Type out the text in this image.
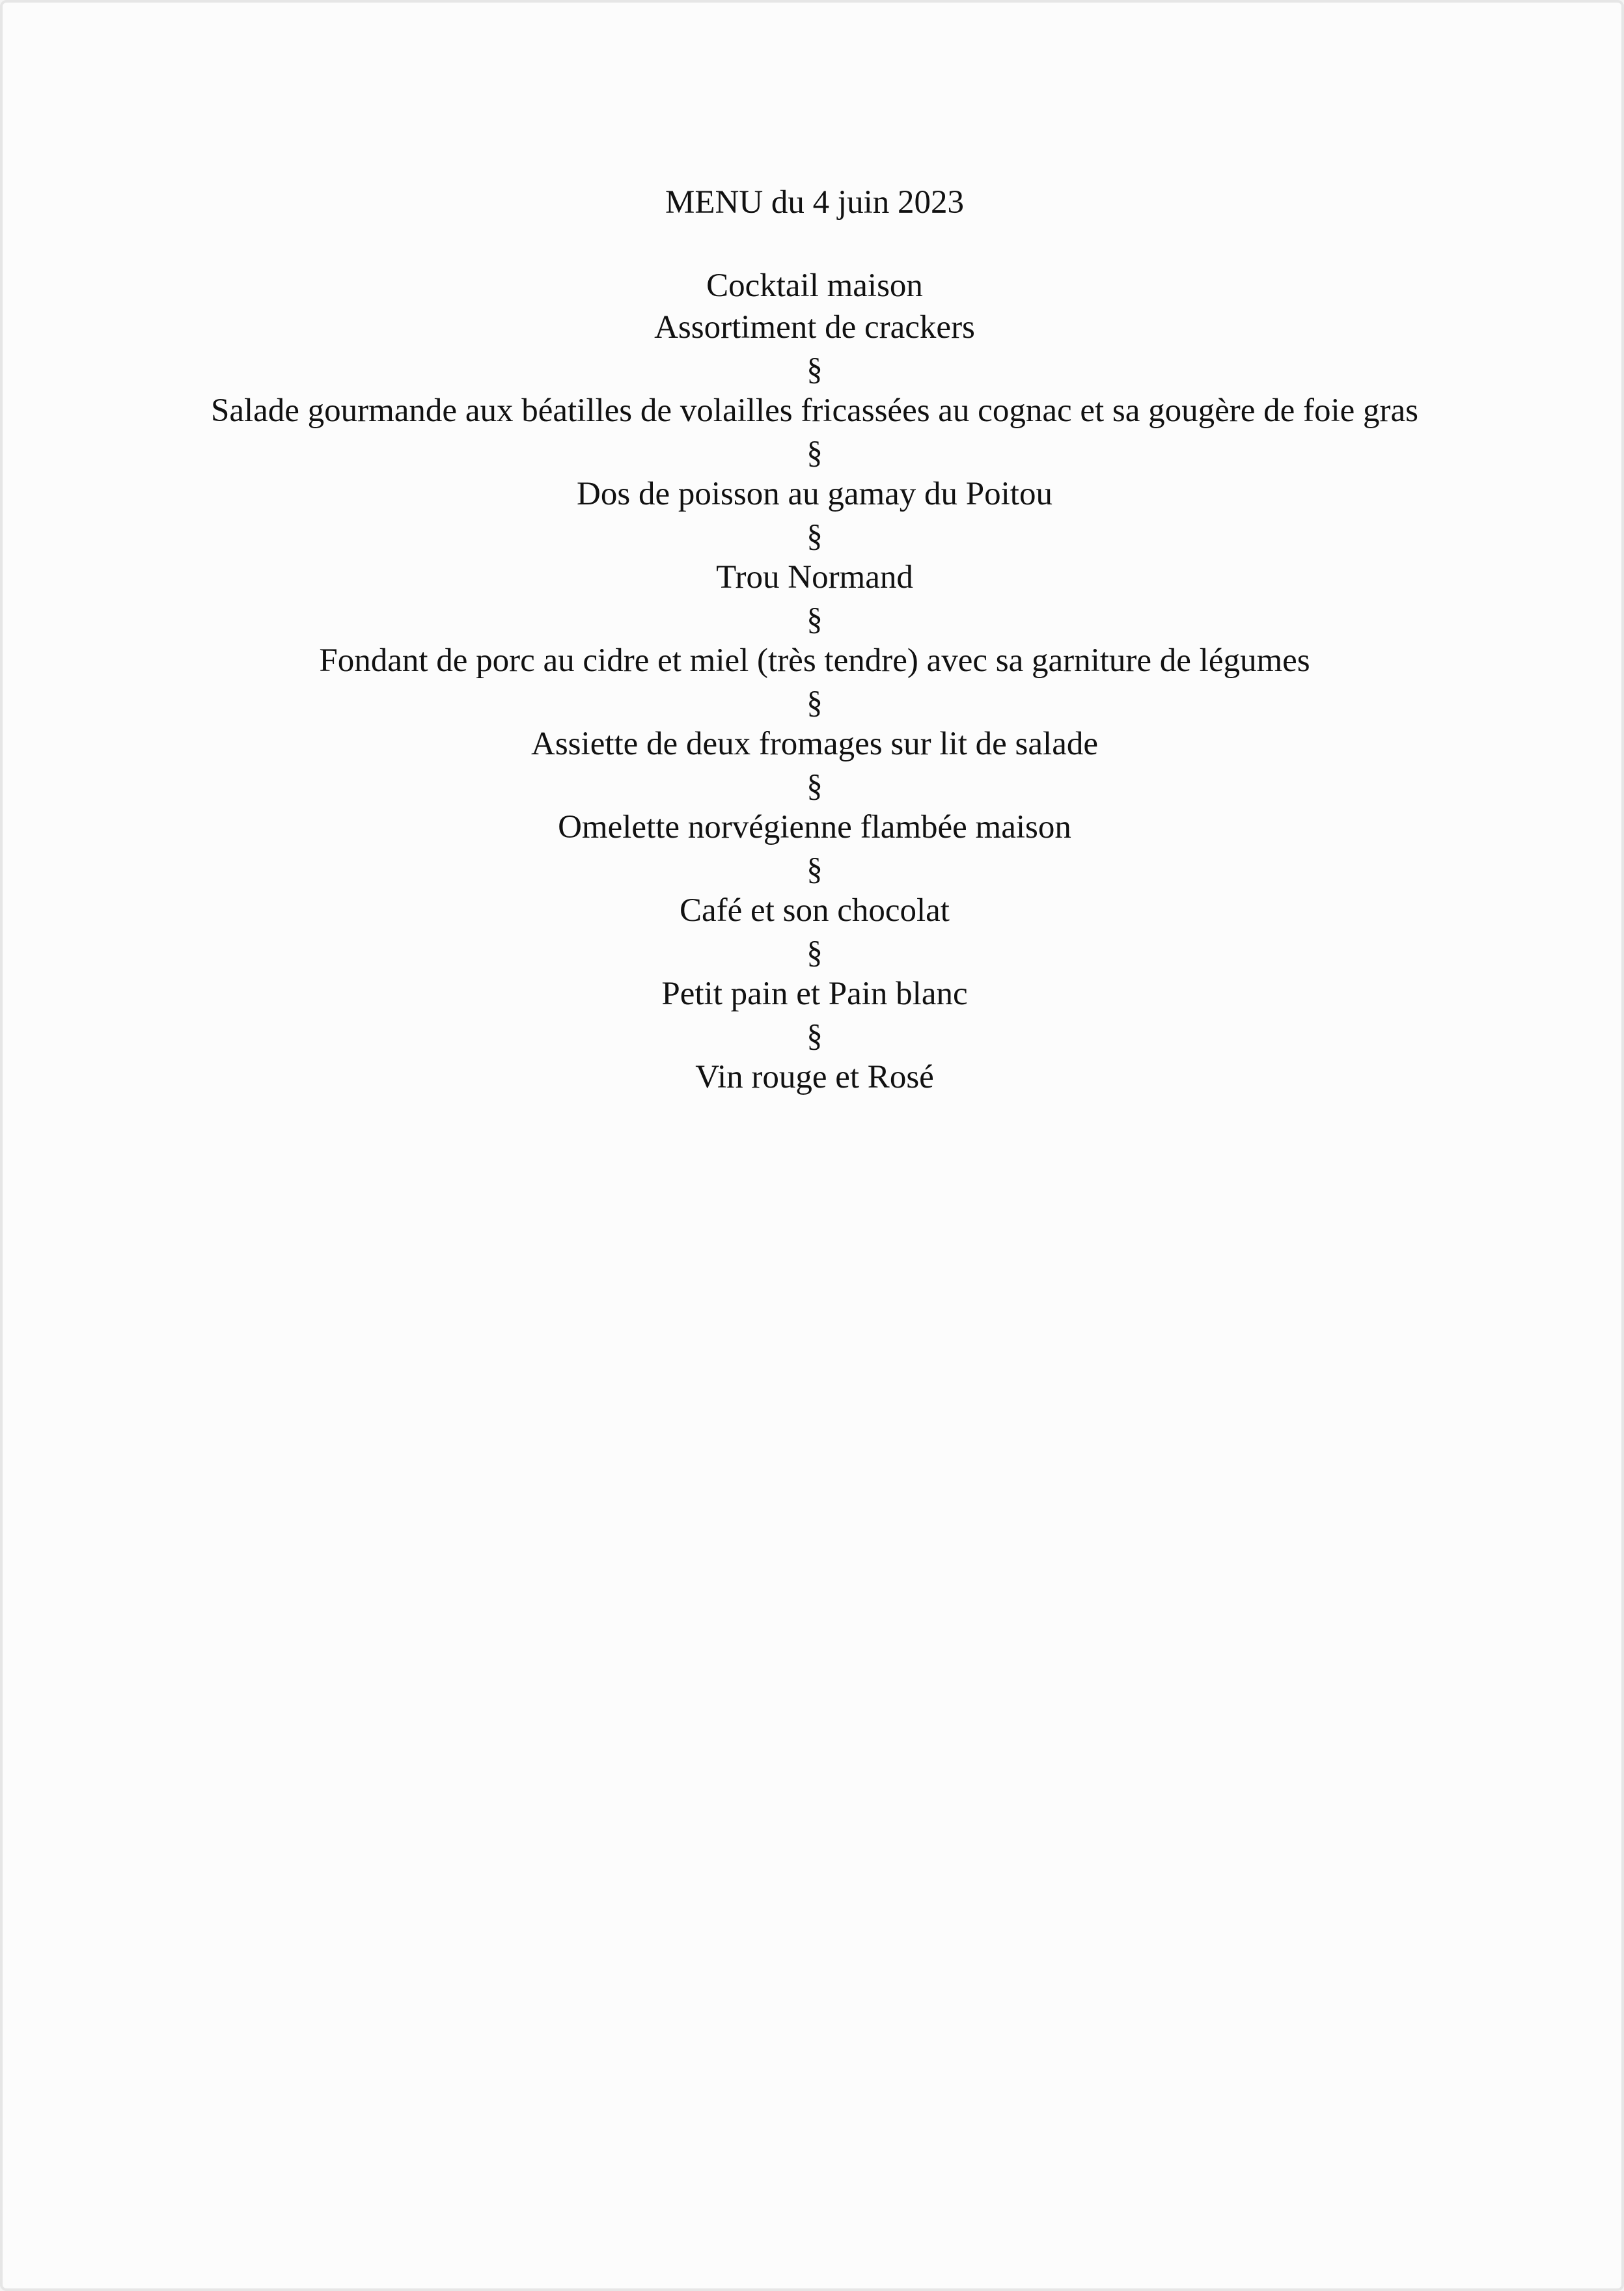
MENU du 4 juin 2023
Cocktail maison
Assortiment de crackers
§
Salade gourmande aux béatilles de volailles fricassées au cognac et sa gougère de foie gras
§
Dos de poisson au gamay du Poitou
§
Trou Normand
§
Fondant de porc au cidre et miel (très tendre) avec sa garniture de légumes
§
Assiette de deux fromages sur lit de salade
§
Omelette norvégienne flambée maison
§
Café et son chocolat
§
Petit pain et Pain blanc
§
Vin rouge et Rosé
